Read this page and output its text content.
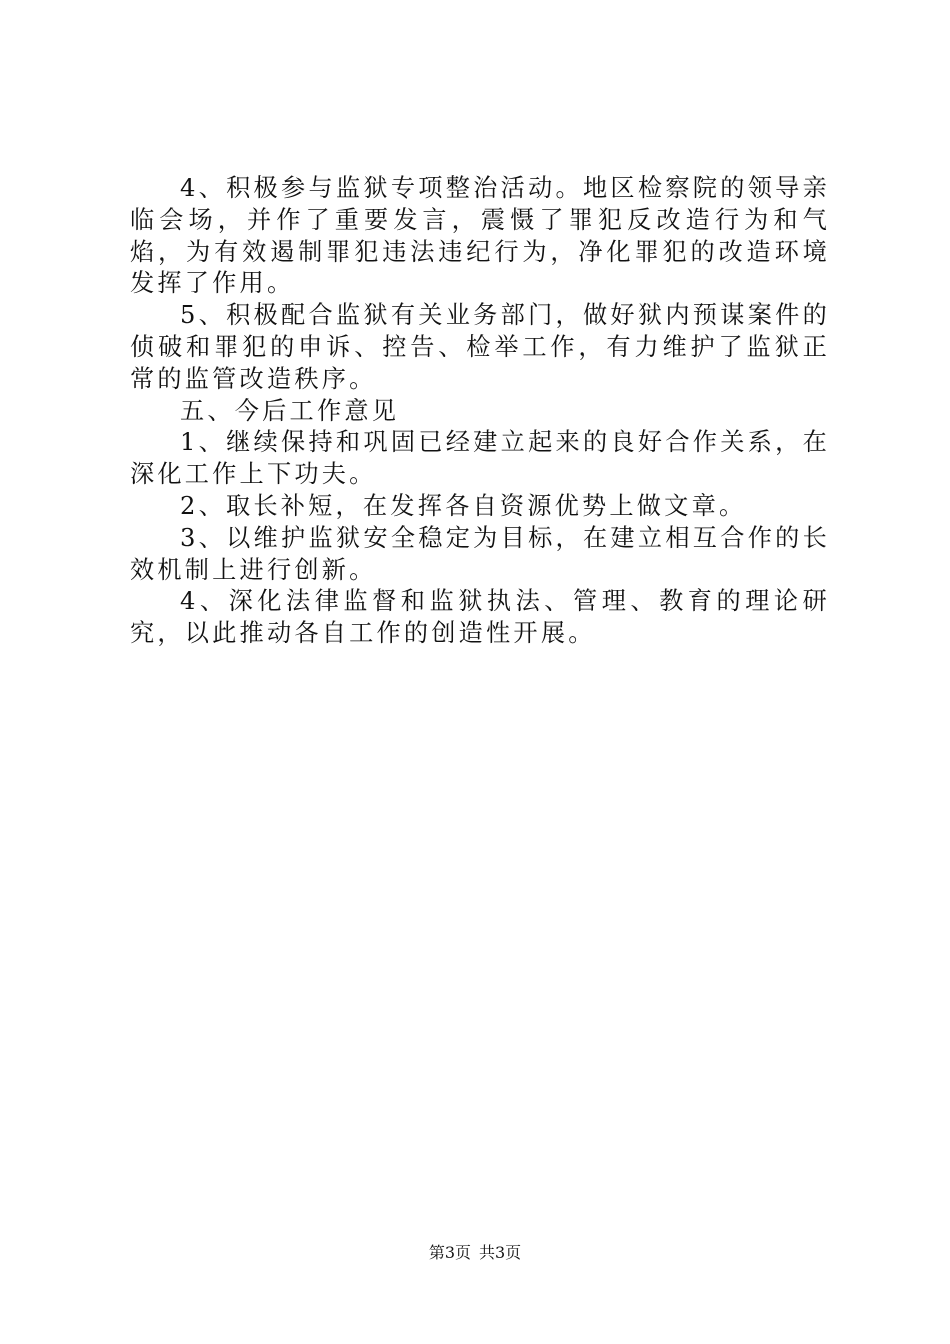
4、积极参与监狱专项整治活动。地区检察院的领导亲临会场，并作了重要发言，震慑了罪犯反改造行为和气焰，为有效遏制罪犯违法违纪行为，净化罪犯的改造环境发挥了作用。

5、积极配合监狱有关业务部门，做好狱内预谋案件的侦破和罪犯的申诉、控告、检举工作，有力维护了监狱正常的监管改造秩序。

五、今后工作意见

1、继续保持和巩固已经建立起来的良好合作关系，在深化工作上下功夫。

2、取长补短，在发挥各自资源优势上做文章。

3、以维护监狱安全稳定为目标，在建立相互合作的长效机制上进行创新。

4、深化法律监督和监狱执法、管理、教育的理论研究，以此推动各自工作的创造性开展。

第3页 共3页
